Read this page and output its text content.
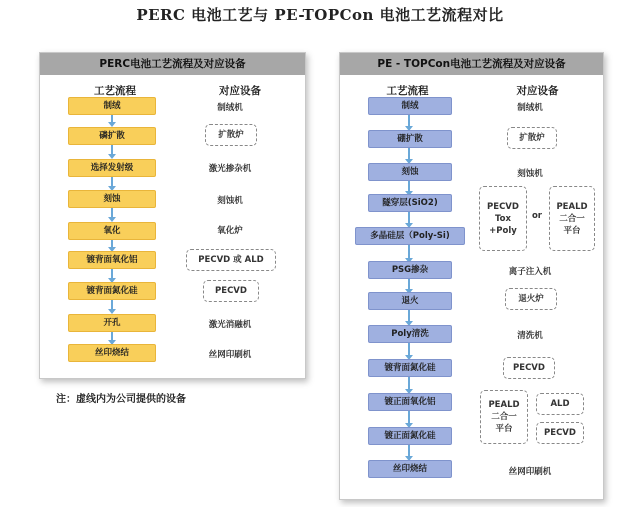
PERC 电池工艺与 PE-TOPCon 电池工艺流程对比
PERC电池工艺流程及对应设备
工艺流程	对应设备
制绒
磷扩散
选择发射级
刻蚀
氧化
镀背面氧化铝
镀背面氮化硅
开孔
丝印烧结
制绒机
扩散炉
激光掺杂机
刻蚀机
氧化炉
PECVD 或 ALD
PECVD
激光消融机
丝网印刷机
注：虚线内为公司提供的设备
PE - TOPCon电池工艺流程及对应设备
工艺流程	对应设备
制绒
硼扩散
刻蚀
隧穿层(SiO2)
多晶硅层（Poly-Si)
PSG掺杂
退火
Poly清洗
镀背面氮化硅
镀正面氧化铝
镀正面氮化硅
丝印烧结
制绒机
扩散炉
刻蚀机
PECVD
Tox
+Poly
or
PEALD
二合一
平台
离子注入机
退火炉
清洗机
PECVD
PEALD
二合一
平台
ALD
PECVD
丝网印刷机
